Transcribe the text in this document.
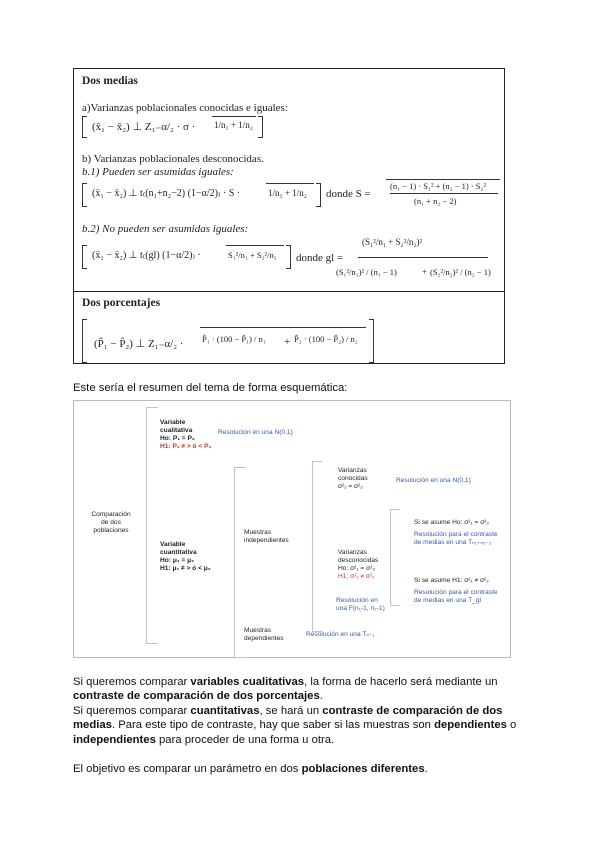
Dos medias
a)Varianzas poblacionales conocidas e iguales:
(x̄₁ − x̄₂) ⊥ Z₁₋α/₂ · σ · 1/n₁ + 1/n₂
b) Varianzas poblacionales desconocidas.
b.1) Pueden ser asumidas iguales:
(x̄₁ − x̄₂) ⊥ t₍(n₁+n₂−2) (1−α/2)₎ · S ·	1/n₁ + 1/n₂ donde S =
(n₁ − 1) · S₁² + (n₂ − 1) · S₂²
(n₁ + n₂ − 2)
b.2) No pueden ser asumidas iguales:
(x̄₁ − x̄₂) ⊥ t₍(gl) (1−α/2)₎ ·	S₁²/n₁ + S₂²/n₂ donde gl =
(S₁²/n₁ + S₂²/n₂)²
(S₁²/n₁)² / (n₁ − 1)	+ (S₂²/n₂)² / (n₂ − 1)
Dos porcentajes
(P̂₁ − P̂₂) ⊥ Z₁₋α/₂ · P̂₁ · (100 − P̂₁) / n₁ + P̂₂ · (100 − P̂₂) / n₂
Este sería el resumen del tema de forma esquemática:
Comparación
de dos
poblaciones
Variable
cualitativa
Ho: P₁ = P₂
H1: P₁ ≠ > ó < P₂
Resolución en una N(0,1)
Variable
cuantitativa
Ho: μ₁ = μ₂
H1: μ₁ ≠ > ó < μ₂
Muestras
independientes
Muestras
dependientes
Resolución en una Tₙ₋₁
Varianzas
conocidas
σ²₁ = σ²₂
Resolución en una N(0,1)
Varianzas
desconocidas
Ho: σ²₁ = σ²₂
H1: σ²₁ ≠ σ²₂
Resolución en
una F(n₁-1, n₂-1)
Si se asume Ho: σ²₁ = σ²₂
Resolución para el contraste
de medias en una Tₙ₁₊ₙ₂₋₂
Si se asume H1: σ²₁ ≠ σ²₂
Resolución para el contraste
de medias en una T_gl
Si queremos comparar variables cualitativas, la forma de hacerlo será mediante un
contraste de comparación de dos porcentajes.
Si queremos comparar cuantitativas, se hará un contraste de comparación de dos
medias. Para este tipo de contraste, hay que saber si las muestras son dependientes o
independientes para proceder de una forma u otra.
El objetivo es comparar un parámetro en dos poblaciones diferentes.
